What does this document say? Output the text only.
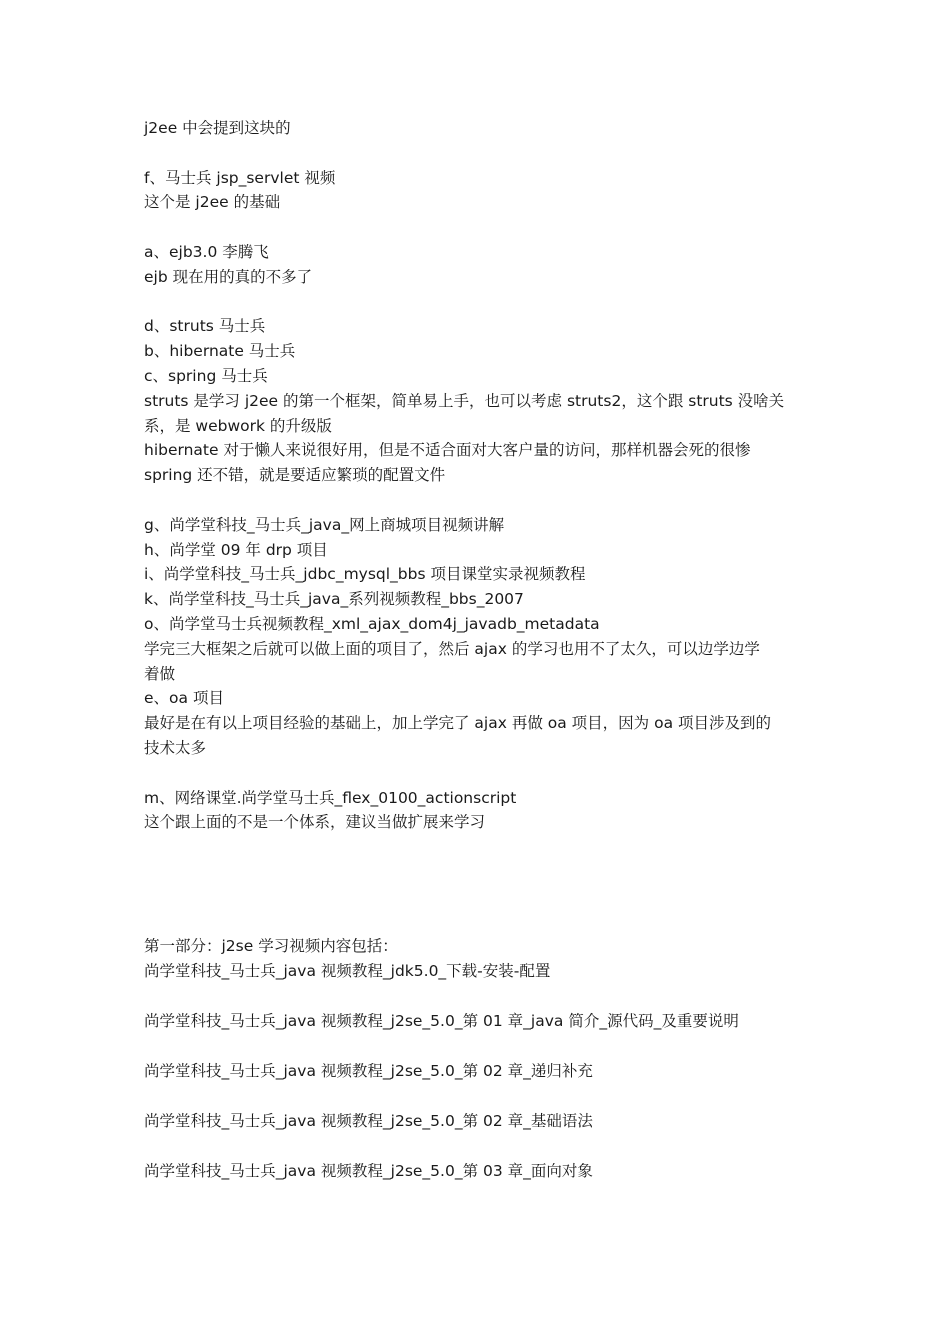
j2ee 中会提到这块的
f、马士兵 jsp_servlet 视频
这个是 j2ee 的基础
a、ejb3.0 李腾飞
ejb 现在用的真的不多了
d、struts 马士兵
b、hibernate 马士兵
c、spring 马士兵
struts 是学习 j2ee 的第一个框架，简单易上手，也可以考虑 struts2，这个跟 struts 没啥关
系，是 webwork 的升级版
hibernate 对于懒人来说很好用，但是不适合面对大客户量的访问，那样机器会死的很惨
spring 还不错，就是要适应繁琐的配置文件
g、尚学堂科技_马士兵_java_网上商城项目视频讲解
h、尚学堂 09 年 drp 项目
i、尚学堂科技_马士兵_jdbc_mysql_bbs 项目课堂实录视频教程
k、尚学堂科技_马士兵_java_系列视频教程_bbs_2007
o、尚学堂马士兵视频教程_xml_ajax_dom4j_javadb_metadata
学完三大框架之后就可以做上面的项目了，然后 ajax 的学习也用不了太久，可以边学边学
着做
e、oa 项目
最好是在有以上项目经验的基础上，加上学完了 ajax 再做 oa 项目，因为 oa 项目涉及到的
技术太多
m、网络课堂.尚学堂马士兵_flex_0100_actionscript
这个跟上面的不是一个体系，建议当做扩展来学习
第一部分：j2se 学习视频内容包括：
尚学堂科技_马士兵_java 视频教程_jdk5.0_下载-安装-配置
尚学堂科技_马士兵_java 视频教程_j2se_5.0_第 01 章_java 简介_源代码_及重要说明
尚学堂科技_马士兵_java 视频教程_j2se_5.0_第 02 章_递归补充
尚学堂科技_马士兵_java 视频教程_j2se_5.0_第 02 章_基础语法
尚学堂科技_马士兵_java 视频教程_j2se_5.0_第 03 章_面向对象
